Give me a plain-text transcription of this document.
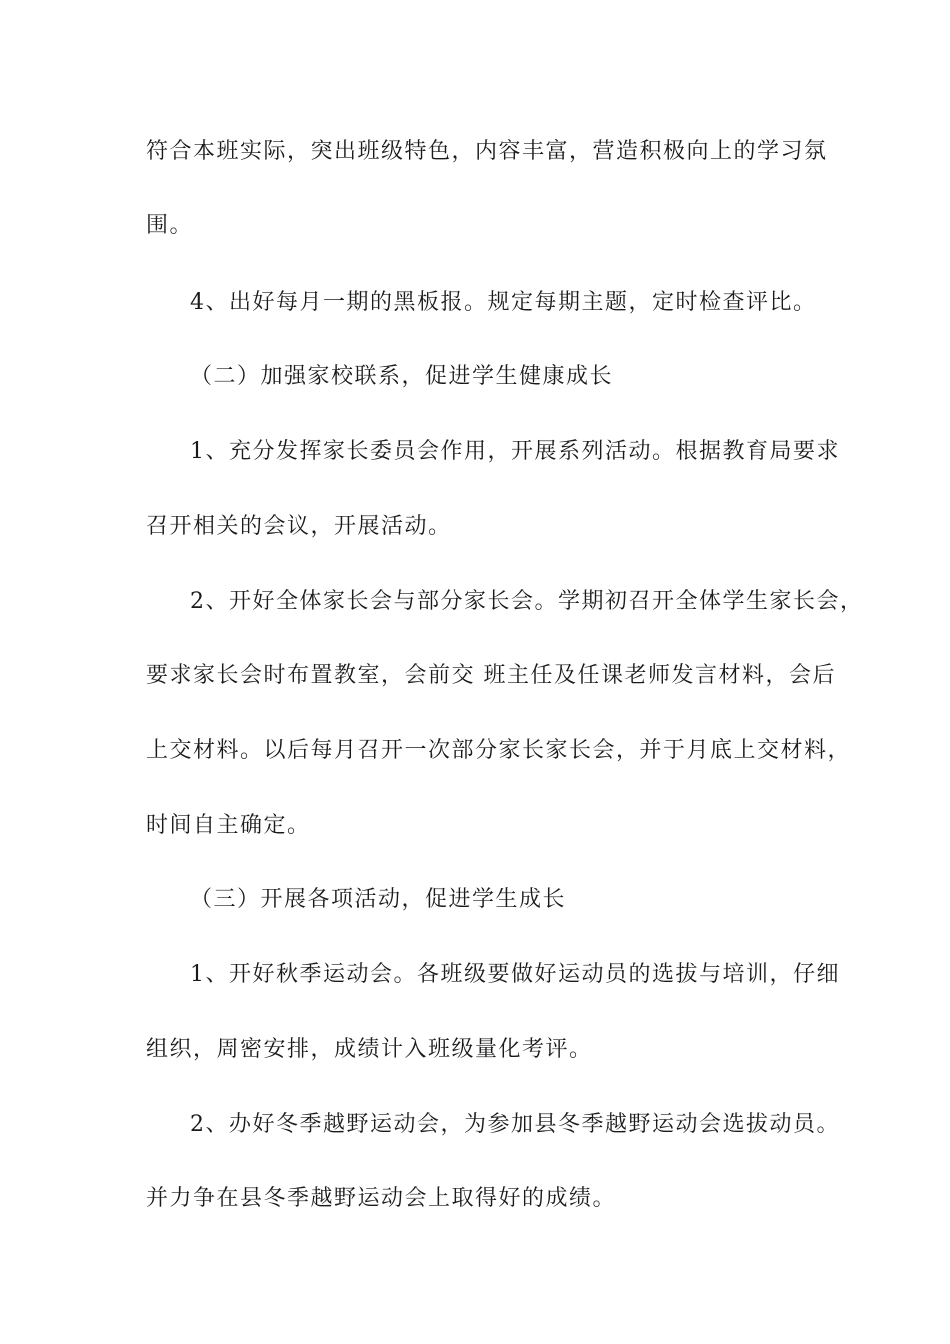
符合本班实际，突出班级特色，内容丰富，营造积极向上的学习氛

围。

4、出好每月一期的黑板报。规定每期主题，定时检查评比。

（二）加强家校联系，促进学生健康成长

1、充分发挥家长委员会作用，开展系列活动。根据教育局要求

召开相关的会议，开展活动。

2、开好全体家长会与部分家长会。学期初召开全体学生家长会，

要求家长会时布置教室，会前交 班主任及任课老师发言材料，会后

上交材料。以后每月召开一次部分家长家长会，并于月底上交材料，

时间自主确定。

（三）开展各项活动，促进学生成长

1、开好秋季运动会。各班级要做好运动员的选拔与培训，仔细

组织，周密安排，成绩计入班级量化考评。

2、办好冬季越野运动会，为参加县冬季越野运动会选拔动员。

并力争在县冬季越野运动会上取得好的成绩。
